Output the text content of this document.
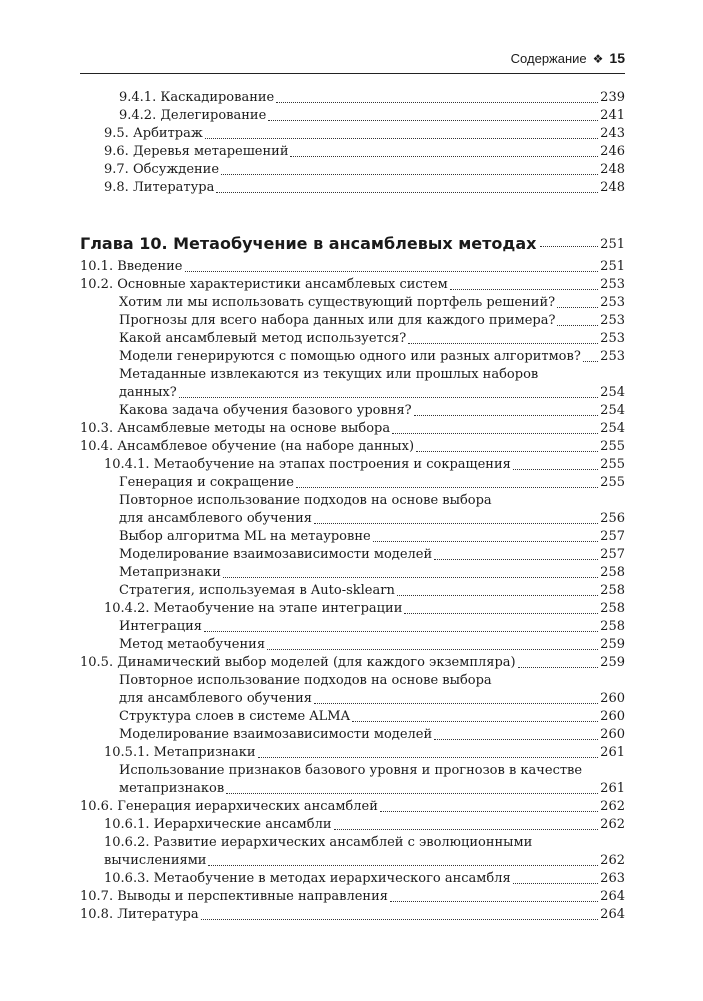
Содержание ❖ 15
9.4.1. Каскадирование	239
9.4.2. Делегирование	241
9.5. Арбитраж	243
9.6. Деревья метарешений	246
9.7. Обсуждение	248
9.8. Литература	248
Глава 10. Метаобучение в ансамблевых методах	251
10.1. Введение	251
10.2. Основные характеристики ансамблевых систем	253
Хотим ли мы использовать существующий портфель решений?	253
Прогнозы для всего набора данных или для каждого примера?	253
Какой ансамблевый метод используется?	253
Модели генерируются с помощью одного или разных алгоритмов? 253
Метаданные извлекаются из текущих или прошлых наборов
данных?	254
Какова задача обучения базового уровня?	254
10.3. Ансамблевые методы на основе выбора	254
10.4. Ансамблевое обучение (на наборе данных)	255
10.4.1. Метаобучение на этапах построения и сокращения	255
Генерация и сокращение	255
Повторное использование подходов на основе выбора
для ансамблевого обучения	256
Выбор алгоритма ML на метауровне	257
Моделирование взаимозависимости моделей	257
Метапризнаки	258
Стратегия, используемая в Auto-sklearn	258
10.4.2. Метаобучение на этапе интеграции	258
Интеграция	258
Метод метаобучения	259
10.5. Динамический выбор моделей (для каждого экземпляра)	259
Повторное использование подходов на основе выбора
для ансамблевого обучения	260
Структура слоев в системе ALMA	260
Моделирование взаимозависимости моделей	260
10.5.1. Метапризнаки	261
Использование признаков базового уровня и прогнозов в качестве
метапризнаков	261
10.6. Генерация иерархических ансамблей	262
10.6.1. Иерархические ансамбли	262
10.6.2. Развитие иерархических ансамблей с эволюционными
вычислениями	262
10.6.3. Метаобучение в методах иерархического ансамбля	263
10.7. Выводы и перспективные направления	264
10.8. Литература	264
